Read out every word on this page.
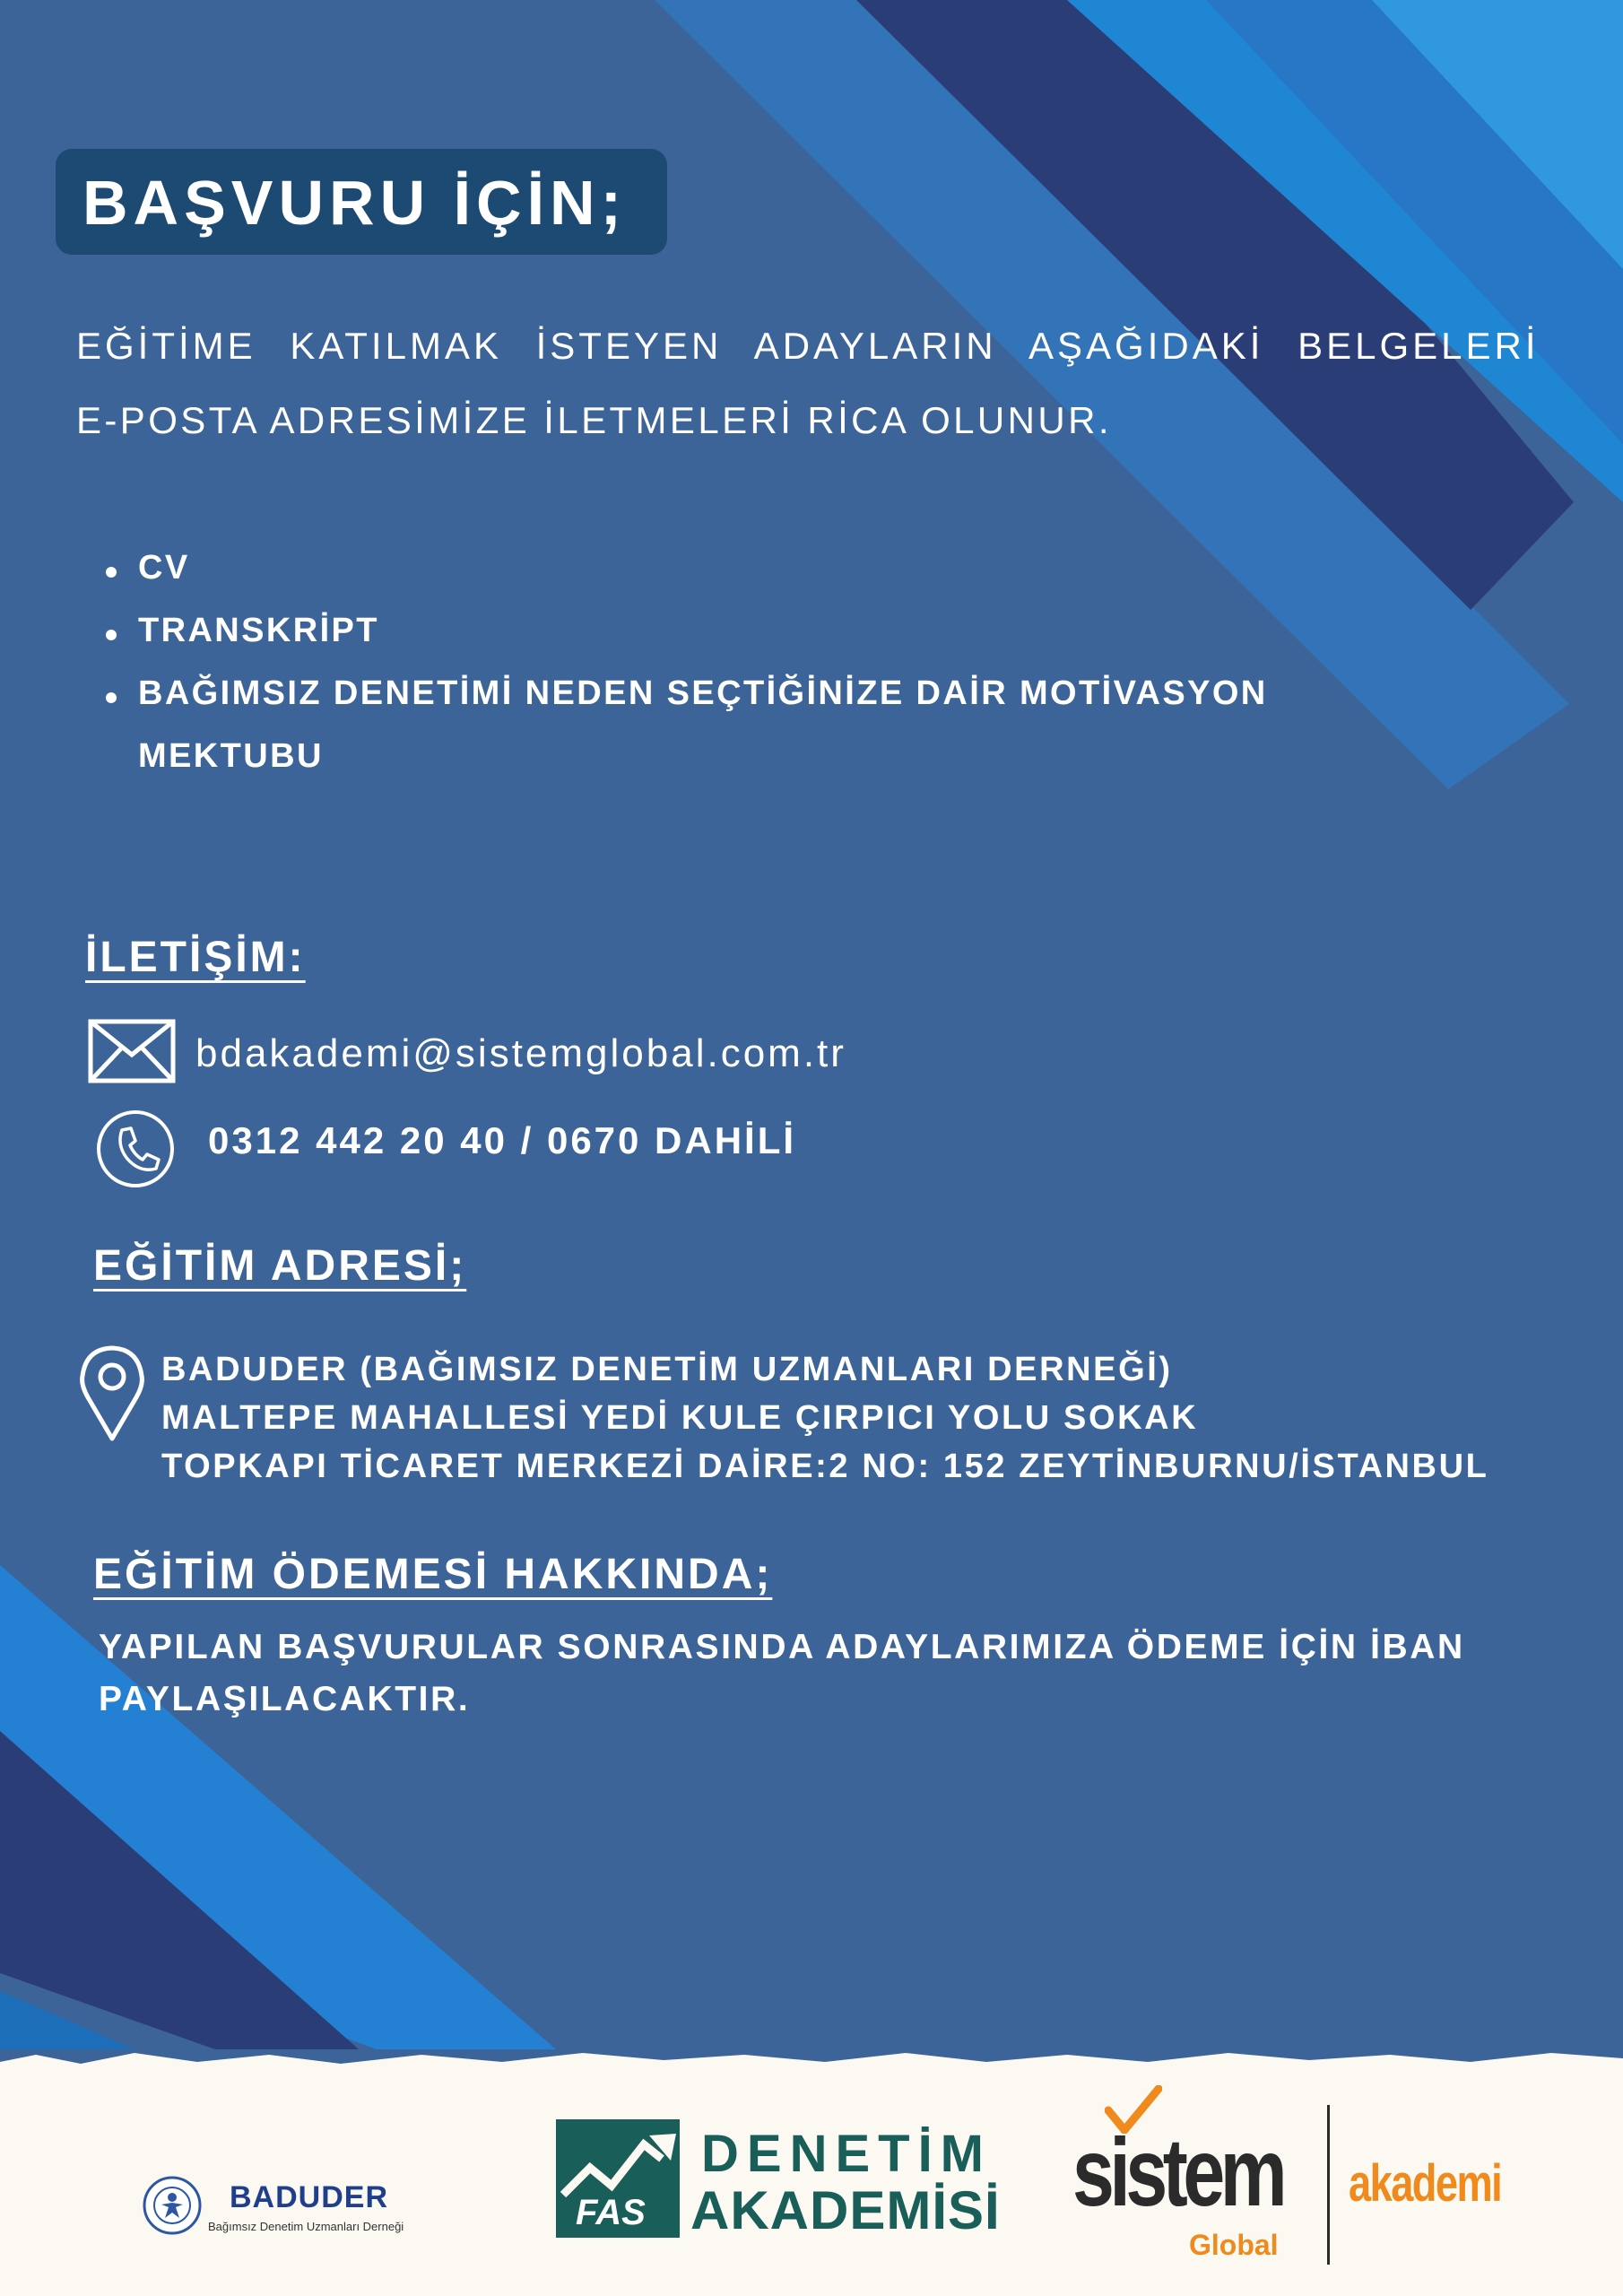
BAŞVURU İÇİN;
EĞİTİME KATILMAK İSTEYEN ADAYLARIN AŞAĞIDAKİ BELGELERİ
E-POSTA ADRESİMİZE İLETMELERİ RİCA OLUNUR.
CV
TRANSKRİPT
BAĞIMSIZ DENETİMİ NEDEN SEÇTİĞİNİZE DAİR MOTİVASYON MEKTUBU
İLETİŞİM:
bdakademi@sistemglobal.com.tr
0312 442 20 40 / 0670 DAHİLİ
EĞİTİM ADRESİ;
BADUDER (BAĞIMSIZ DENETİM UZMANLARI DERNEĞİ)
MALTEPE MAHALLESİ YEDİ KULE ÇIRPICI YOLU SOKAK
TOPKAPI TİCARET MERKEZİ DAİRE:2 NO: 152 ZEYTİNBURNU/İSTANBUL
EĞİTİM ÖDEMESİ HAKKINDA;
YAPILAN BAŞVURULAR SONRASINDA ADAYLARIMIZA ÖDEME İÇİN İBAN PAYLAŞILACAKTIR.
BADUDER
Bağımsız Denetim Uzmanları Derneği	FAS
DENETİM
AKADEMİSİ sistem
Global
akademi
